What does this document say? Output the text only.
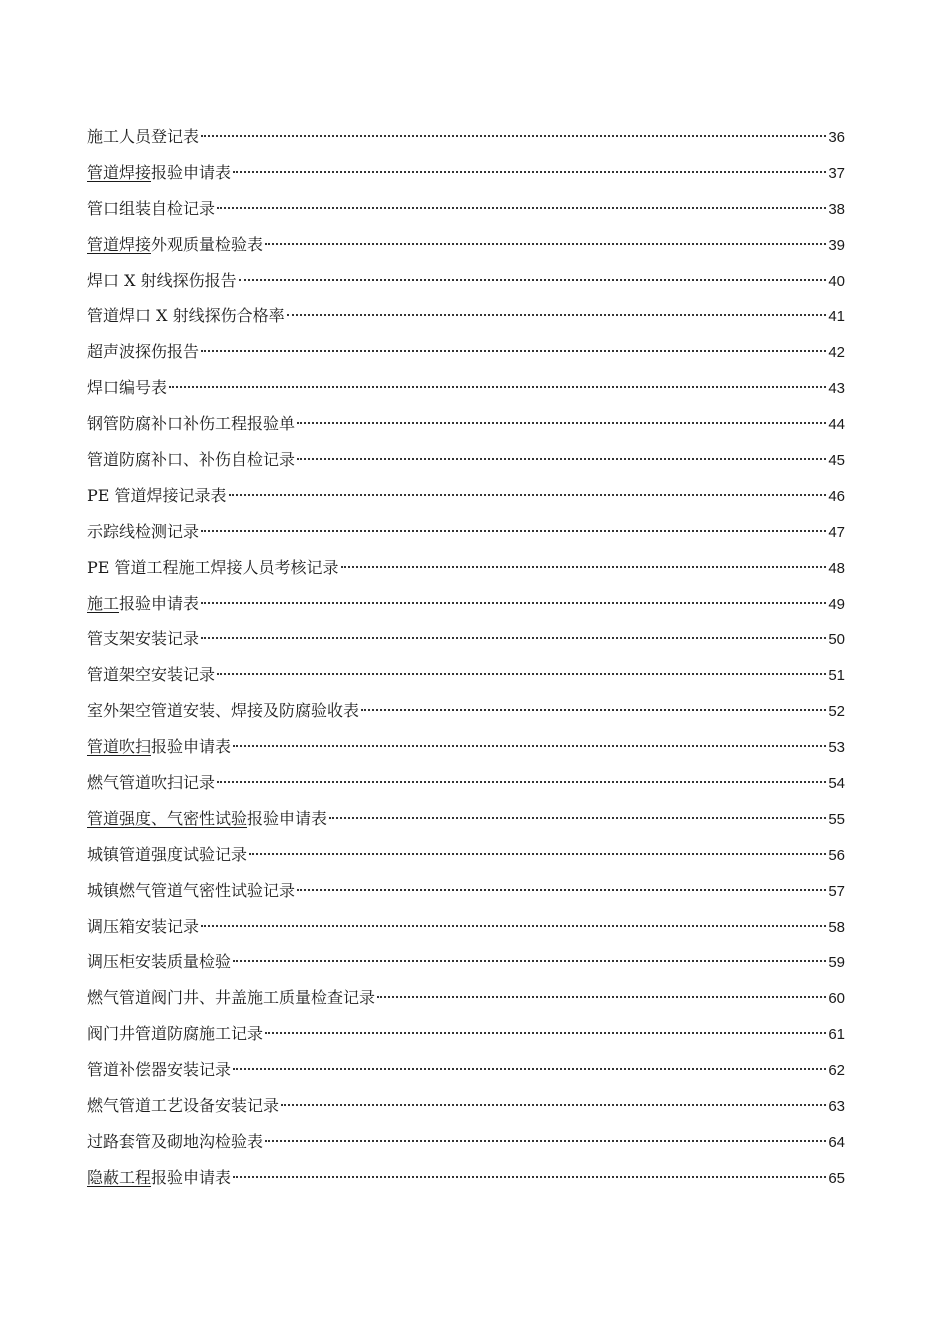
施工人员登记表	36
管道焊接报验申请表	37
管口组装自检记录	38
管道焊接外观质量检验表	39
焊口 X 射线探伤报告	40
管道焊口 X 射线探伤合格率	41
超声波探伤报告	42
焊口编号表	43
钢管防腐补口补伤工程报验单	44
管道防腐补口、补伤自检记录	45
PE 管道焊接记录表	46
示踪线检测记录	47
PE 管道工程施工焊接人员考核记录	48
施工报验申请表	49
管支架安装记录	50
管道架空安装记录	51
室外架空管道安装、焊接及防腐验收表	52
管道吹扫报验申请表	53
燃气管道吹扫记录	54
管道强度、气密性试验报验申请表	55
城镇管道强度试验记录	56
城镇燃气管道气密性试验记录	57
调压箱安装记录	58
调压柜安装质量检验	59
燃气管道阀门井、井盖施工质量检查记录	60
阀门井管道防腐施工记录	61
管道补偿器安装记录	62
燃气管道工艺设备安装记录	63
过路套管及砌地沟检验表	64
隐蔽工程报验申请表	65
